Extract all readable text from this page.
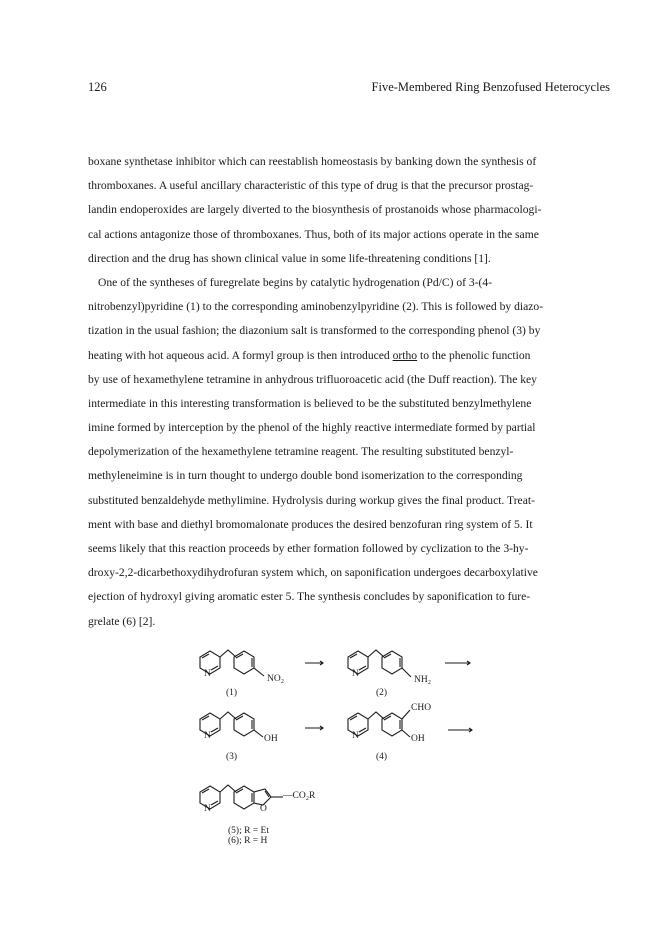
126	Five-Membered Ring Benzofused Heterocycles
boxane synthetase inhibitor which can reestablish homeostasis by banking down the synthesis of
thromboxanes. A useful ancillary characteristic of this type of drug is that the precursor prostag-
landin endoperoxides are largely diverted to the biosynthesis of prostanoids whose pharmacologi-
cal actions antagonize those of thromboxanes. Thus, both of its major actions operate in the same
direction and the drug has shown clinical value in some life-threatening conditions [1].
One of the syntheses of furegrelate begins by catalytic hydrogenation (Pd/C) of 3-(4-
nitrobenzyl)pyridine (1) to the corresponding aminobenzylpyridine (2). This is followed by diazo-
tization in the usual fashion; the diazonium salt is transformed to the corresponding phenol (3) by
heating with hot aqueous acid. A formyl group is then introduced ortho to the phenolic function
by use of hexamethylene tetramine in anhydrous trifluoroacetic acid (the Duff reaction). The key
intermediate in this interesting transformation is believed to be the substituted benzylmethylene
imine formed by interception by the phenol of the highly reactive intermediate formed by partial
depolymerization of the hexamethylene tetramine reagent. The resulting substituted benzyl-
methyleneimine is in turn thought to undergo double bond isomerization to the corresponding
substituted benzaldehyde methylimine. Hydrolysis during workup gives the final product. Treat-
ment with base and diethyl bromomalonate produces the desired benzofuran ring system of 5. It
seems likely that this reaction proceeds by ether formation followed by cyclization to the 3-hy-
droxy-2,2-dicarbethoxydihydrofuran system which, on saponification undergoes decarboxylative
ejection of hydroxyl giving aromatic ester 5. The synthesis concludes by saponification to fure-
grelate (6) [2].
NO₂
N
(1)
NH₂
N
(2)
OH
N
(3)
CHO
OH
N
(4)
—CO₂R
O
N
(5); R = Et
(6); R = H
